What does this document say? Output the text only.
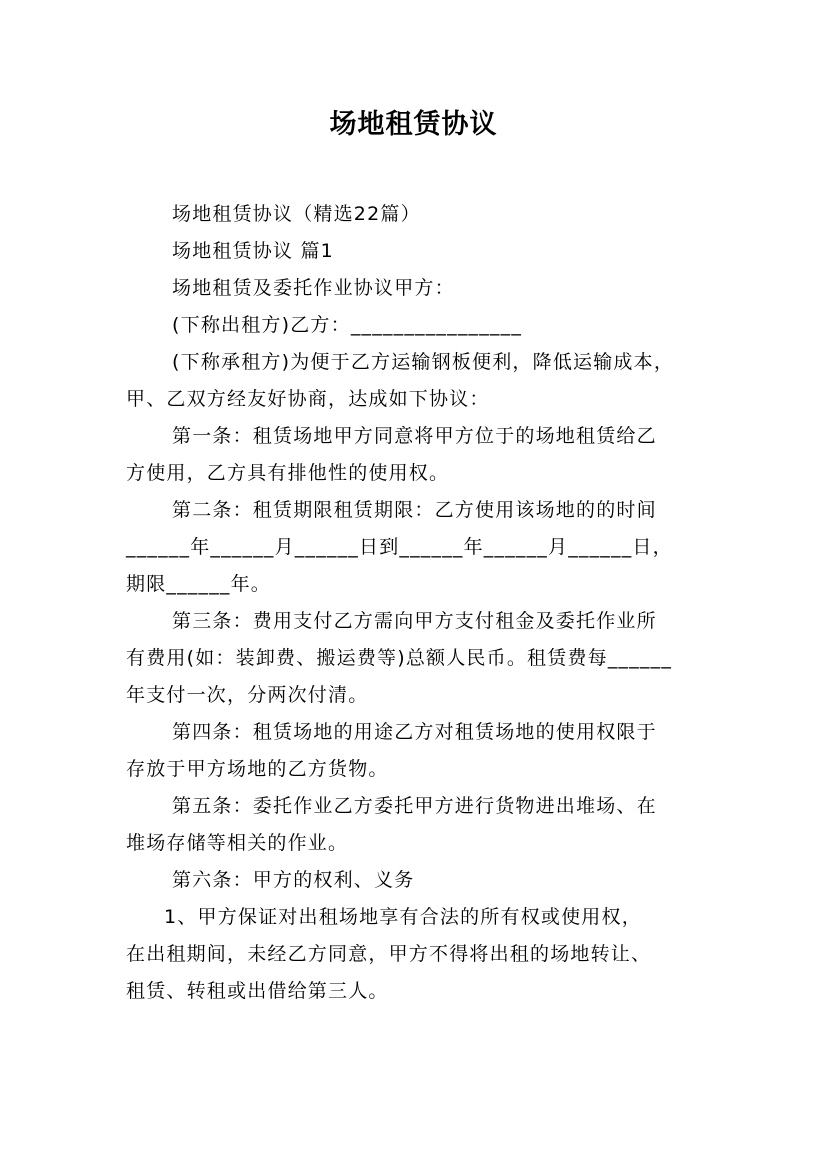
场地租赁协议
场地租赁协议（精选22篇）
场地租赁协议 篇1
场地租赁及委托作业协议甲方：
(下称出租方)乙方：________________
(下称承租方)为便于乙方运输钢板便利，降低运输成本，
甲、乙双方经友好协商，达成如下协议：
第一条：租赁场地甲方同意将甲方位于的场地租赁给乙
方使用，乙方具有排他性的使用权。
第二条：租赁期限租赁期限：乙方使用该场地的的时间
______年______月______日到______年______月______日，
期限______年。
第三条：费用支付乙方需向甲方支付租金及委托作业所
有费用(如：装卸费、搬运费等)总额人民币。租赁费每______
年支付一次，分两次付清。
第四条：租赁场地的用途乙方对租赁场地的使用权限于
存放于甲方场地的乙方货物。
第五条：委托作业乙方委托甲方进行货物进出堆场、在
堆场存储等相关的作业。
第六条：甲方的权利、义务
1、甲方保证对出租场地享有合法的所有权或使用权，
在出租期间，未经乙方同意，甲方不得将出租的场地转让、
租赁、转租或出借给第三人。
